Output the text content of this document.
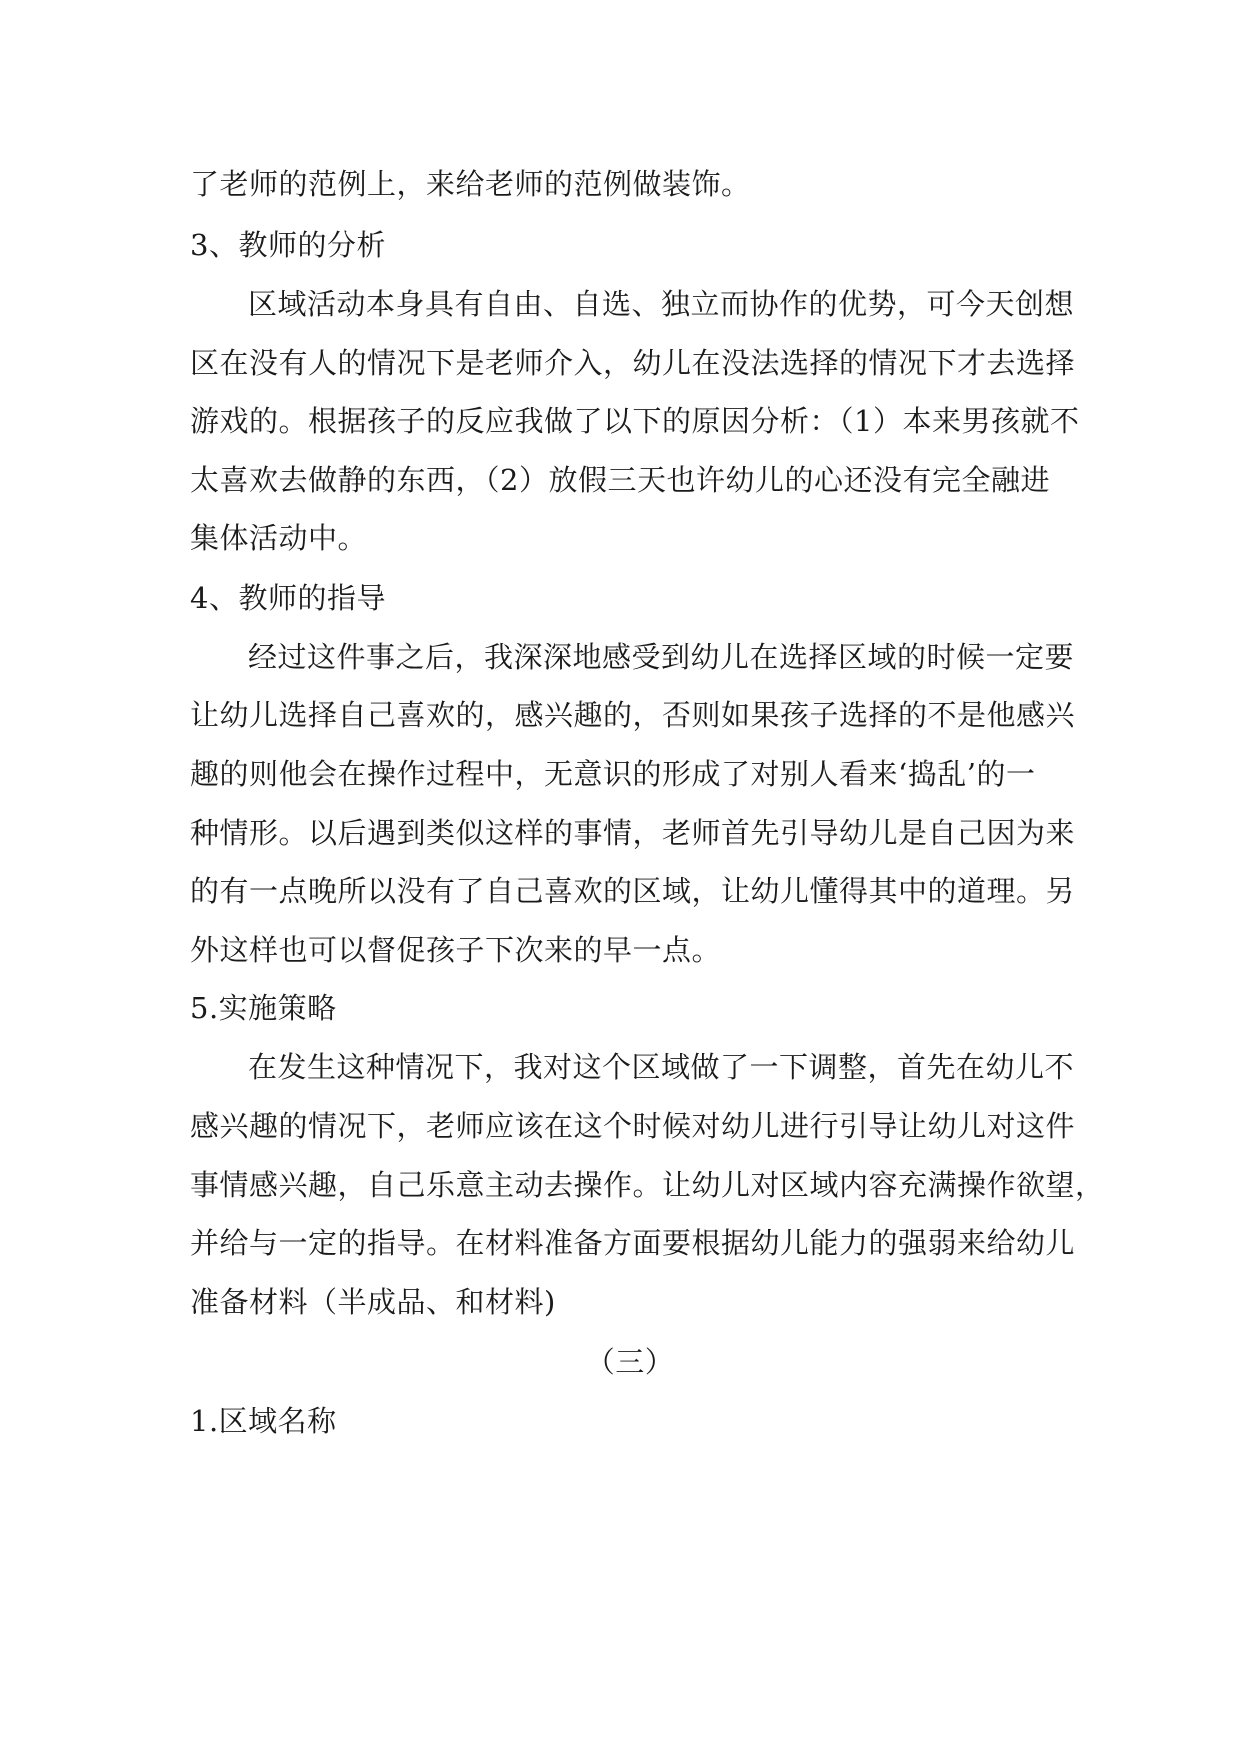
了老师的范例上，来给老师的范例做装饰。
3、教师的分析
区域活动本身具有自由、自选、独立而协作的优势，可今天创想
区在没有人的情况下是老师介入，幼儿在没法选择的情况下才去选择
游戏的。根据孩子的反应我做了以下的原因分析：（1）本来男孩就不
太喜欢去做静的东西，（2）放假三天也许幼儿的心还没有完全融进
集体活动中。
4、教师的指导
经过这件事之后，我深深地感受到幼儿在选择区域的时候一定要
让幼儿选择自己喜欢的，感兴趣的，否则如果孩子选择的不是他感兴
趣的则他会在操作过程中，无意识的形成了对别人看来‘捣乱’的一
种情形。以后遇到类似这样的事情，老师首先引导幼儿是自己因为来
的有一点晚所以没有了自己喜欢的区域，让幼儿懂得其中的道理。另
外这样也可以督促孩子下次来的早一点。
5.实施策略
在发生这种情况下，我对这个区域做了一下调整，首先在幼儿不
感兴趣的情况下，老师应该在这个时候对幼儿进行引导让幼儿对这件
事情感兴趣，自己乐意主动去操作。让幼儿对区域内容充满操作欲望，
并给与一定的指导。在材料准备方面要根据幼儿能力的强弱来给幼儿
准备材料（半成品、和材料)
（三）
1.区域名称
